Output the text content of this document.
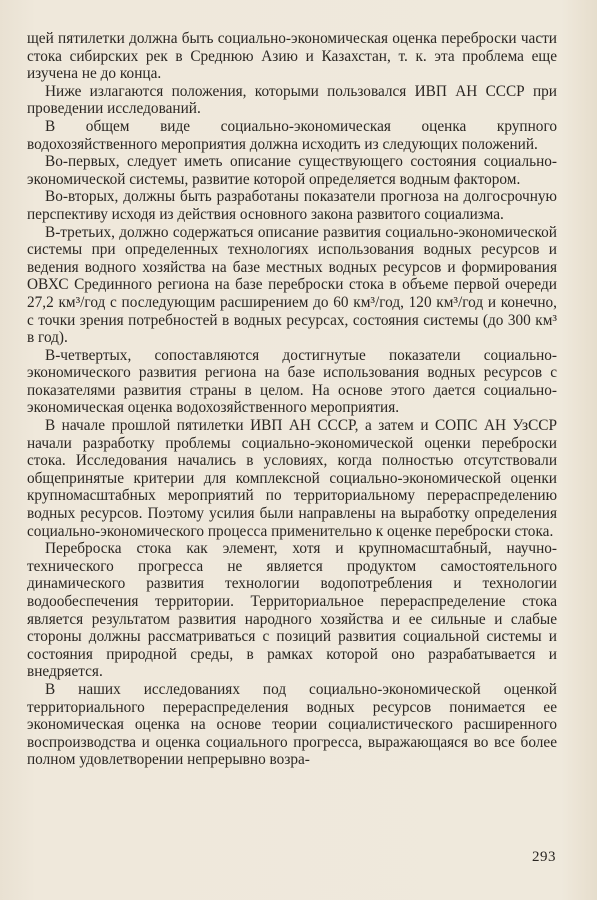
щей пятилетки должна быть социально-экономическая оценка переброски части стока сибирских рек в Среднюю Азию и Казахстан, т. к. эта проблема еще изучена не до конца.

Ниже излагаются положения, которыми пользовался ИВП АН СССР при проведении исследований.

В общем виде социально-экономическая оценка крупного водохозяйственного мероприятия должна исходить из следующих положений.

Во-первых, следует иметь описание существующего состояния социально-экономической системы, развитие которой определяется водным фактором.

Во-вторых, должны быть разработаны показатели прогноза на долгосрочную перспективу исходя из действия основного закона развитого социализма.

В-третьих, должно содержаться описание развития социально-экономической системы при определенных технологиях использования водных ресурсов и ведения водного хозяйства на базе местных водных ресурсов и формирования ОВХС Срединного региона на базе переброски стока в объеме первой очереди 27,2 км³/год с последующим расширением до 60 км³/год, 120 км³/год и конечно, с точки зрения потребностей в водных ресурсах, состояния системы (до 300 км³ в год).

В-четвертых, сопоставляются достигнутые показатели социально-экономического развития региона на базе использования водных ресурсов с показателями развития страны в целом. На основе этого дается социально-экономическая оценка водохозяйственного мероприятия.

В начале прошлой пятилетки ИВП АН СССР, а затем и СОПС АН УзССР начали разработку проблемы социально-экономической оценки переброски стока. Исследования начались в условиях, когда полностью отсутствовали общепринятые критерии для комплексной социально-экономической оценки крупномасштабных мероприятий по территориальному перераспределению водных ресурсов. Поэтому усилия были направлены на выработку определения социально-экономического процесса применительно к оценке переброски стока.

Переброска стока как элемент, хотя и крупномасштабный, научно-технического прогресса не является продуктом самостоятельного динамического развития технологии водопотребления и технологии водообеспечения территории. Территориальное перераспределение стока является результатом развития народного хозяйства и ее сильные и слабые стороны должны рассматриваться с позиций развития социальной системы и состояния природной среды, в рамках которой оно разрабатывается и внедряется.

В наших исследованиях под социально-экономической оценкой территориального перераспределения водных ресурсов понимается ее экономическая оценка на основе теории социалистического расширенного воспроизводства и оценка социального прогресса, выражающаяся во все более полном удовлетворении непрерывно возра-

293
